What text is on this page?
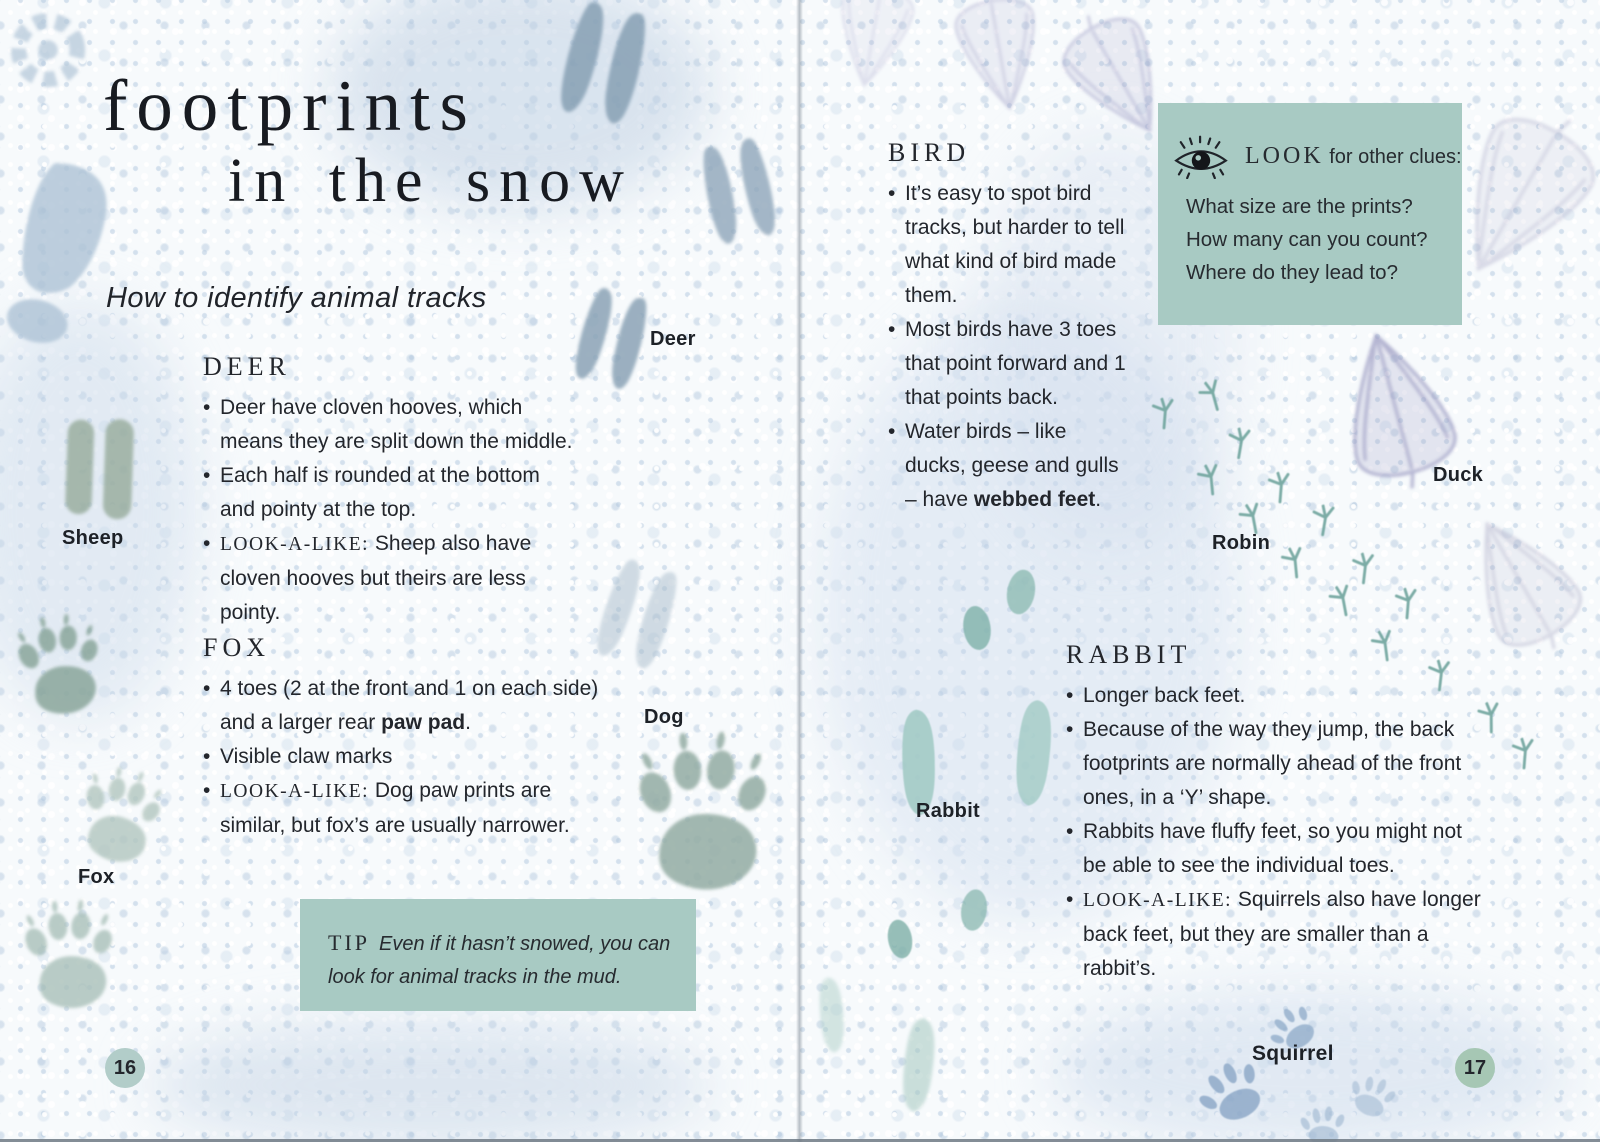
footprints
in the snow
How to identify animal tracks
DEER
• Deer have cloven hooves, which means they are split down the middle.
• Each half is rounded at the bottom and pointy at the top.
• LOOK-A-LIKE: Sheep also have cloven hooves but theirs are less pointy.
FOX
• 4 toes (2 at the front and 1 on each side) and a larger rear paw pad.
• Visible claw marks
• LOOK-A-LIKE: Dog paw prints are similar, but fox’s are usually narrower.
TIP Even if it hasn’t snowed, you can look for animal tracks in the mud.
Sheep
Deer
Dog
Fox
16
BIRD
• It’s easy to spot bird tracks, but harder to tell what kind of bird made them.
• Most birds have 3 toes that point forward and 1 that points back.
• Water birds – like ducks, geese and gulls – have webbed feet.
LOOK for other clues:
What size are the prints?
How many can you count?
Where do they lead to?
RABBIT
• Longer back feet.
• Because of the way they jump, the back footprints are normally ahead of the front ones, in a ‘Y’ shape.
• Rabbits have fluffy feet, so you might not be able to see the individual toes.
• LOOK-A-LIKE: Squirrels also have longer back feet, but they are smaller than a rabbit’s.
Rabbit
Robin
Duck
Squirrel
17
